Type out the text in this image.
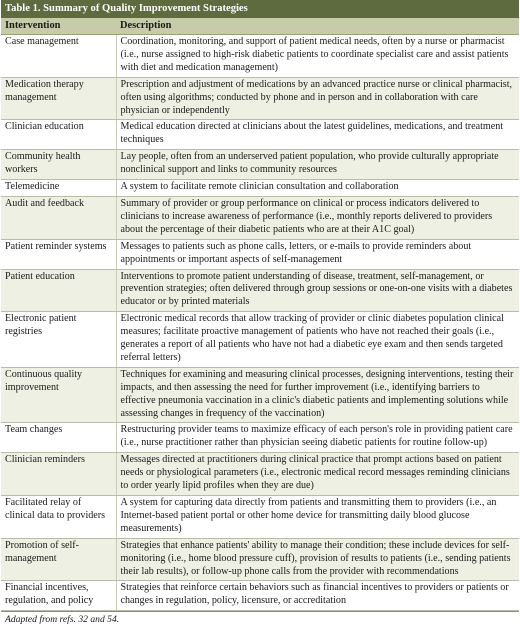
Table 1. Summary of Quality Improvement Strategies
Intervention	Description
Case management	Coordination, monitoring, and support of patient medical needs, often by a nurse or pharmacist (i.e., nurse assigned to high-risk diabetic patients to coordinate specialist care and assist patients with diet and medication management)
Medication therapy management	Prescription and adjustment of medications by an advanced practice nurse or clinical pharmacist, often using algorithms; conducted by phone and in person and in collaboration with care physician or independently
Clinician education	Medical education directed at clinicians about the latest guidelines, medications, and treatment techniques
Community health workers	Lay people, often from an underserved patient population, who provide culturally appropriate nonclinical support and links to community resources
Telemedicine	A system to facilitate remote clinician consultation and collaboration
Audit and feedback	Summary of provider or group performance on clinical or process indicators delivered to clinicians to increase awareness of performance (i.e., monthly reports delivered to providers about the percentage of their diabetic patients who are at their A1C goal)
Patient reminder systems	Messages to patients such as phone calls, letters, or e-mails to provide reminders about appointments or important aspects of self-management
Patient education	Interventions to promote patient understanding of disease, treatment, self-management, or prevention strategies; often delivered through group sessions or one-on-one visits with a diabetes educator or by printed materials
Electronic patient registries	Electronic medical records that allow tracking of provider or clinic diabetes population clinical measures; facilitate proactive management of patients who have not reached their goals (i.e., generates a report of all patients who have not had a diabetic eye exam and then sends targeted referral letters)
Continuous quality improvement	Techniques for examining and measuring clinical processes, designing interventions, testing their impacts, and then assessing the need for further improvement (i.e., identifying barriers to effective pneumonia vaccination in a clinic's diabetic patients and implementing solutions while assessing changes in frequency of the vaccination)
Team changes	Restructuring provider teams to maximize efficacy of each person's role in providing patient care (i.e., nurse practitioner rather than physician seeing diabetic patients for routine follow-up)
Clinician reminders	Messages directed at practitioners during clinical practice that prompt actions based on patient needs or physiological parameters (i.e., electronic medical record messages reminding clinicians to order yearly lipid profiles when they are due)
Facilitated relay of clinical data to providers	A system for capturing data directly from patients and transmitting them to providers (i.e., an Internet-based patient portal or other home device for transmitting daily blood glucose measurements)
Promotion of self-management	Strategies that enhance patients' ability to manage their condition; these include devices for self-monitoring (i.e., home blood pressure cuff), provision of results to patients (i.e., sending patients their lab results), or follow-up phone calls from the provider with recommendations
Financial incentives, regulation, and policy	Strategies that reinforce certain behaviors such as financial incentives to providers or patients or changes in regulation, policy, licensure, or accreditation
Adapted from refs. 32 and 54.
